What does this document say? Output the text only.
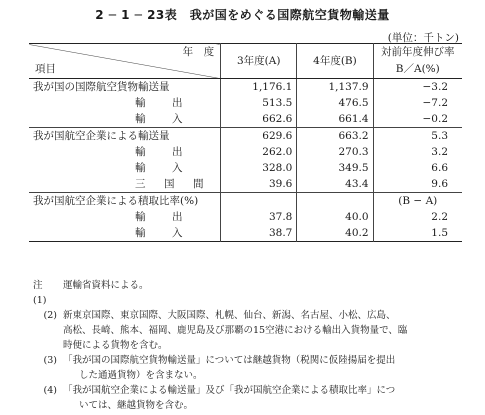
2 ─ 1 ─ 23表　我が国をめぐる国際航空貨物輸送量
(単位：千トン)
年　度
項目	3年度(A)	4年度(B)	対前年度伸び率
			B／A(%)
我が国の国際航空貨物輸送量	1,176.1	1,137.9	−3.2
輸　出	513.5	476.5	−7.2
輸　入	662.6	661.4	−0.2
我が国航空企業による輸送量	629.6	663.2	5.3
輸　出	262.0	270.3	3.2
輸　入	328.0	349.5	6.6
三　国　間	39.6	43.4	9.6
我が国航空企業による積取比率(%)			(B − A)
輸　出	37.8	40.0	2.2
輸　入	38.7	40.2	1.5
注　(1)
運輸省資料による。
(2) 新東京国際、東京国際、大阪国際、札幌、仙台、新潟、名古屋、小松、広島、
高松、長崎、熊本、福岡、鹿児島及び那覇の15空港における輸出入貨物量で、臨
時便による貨物を含む。
(3) 「我が国の国際航空貨物輸送量」については継越貨物（税関に仮陸揚届を提出
した通過貨物）を含まない。
(4) 「我が国航空企業による輸送量」及び「我が国航空企業による積取比率」につ
いては、継越貨物を含む。
